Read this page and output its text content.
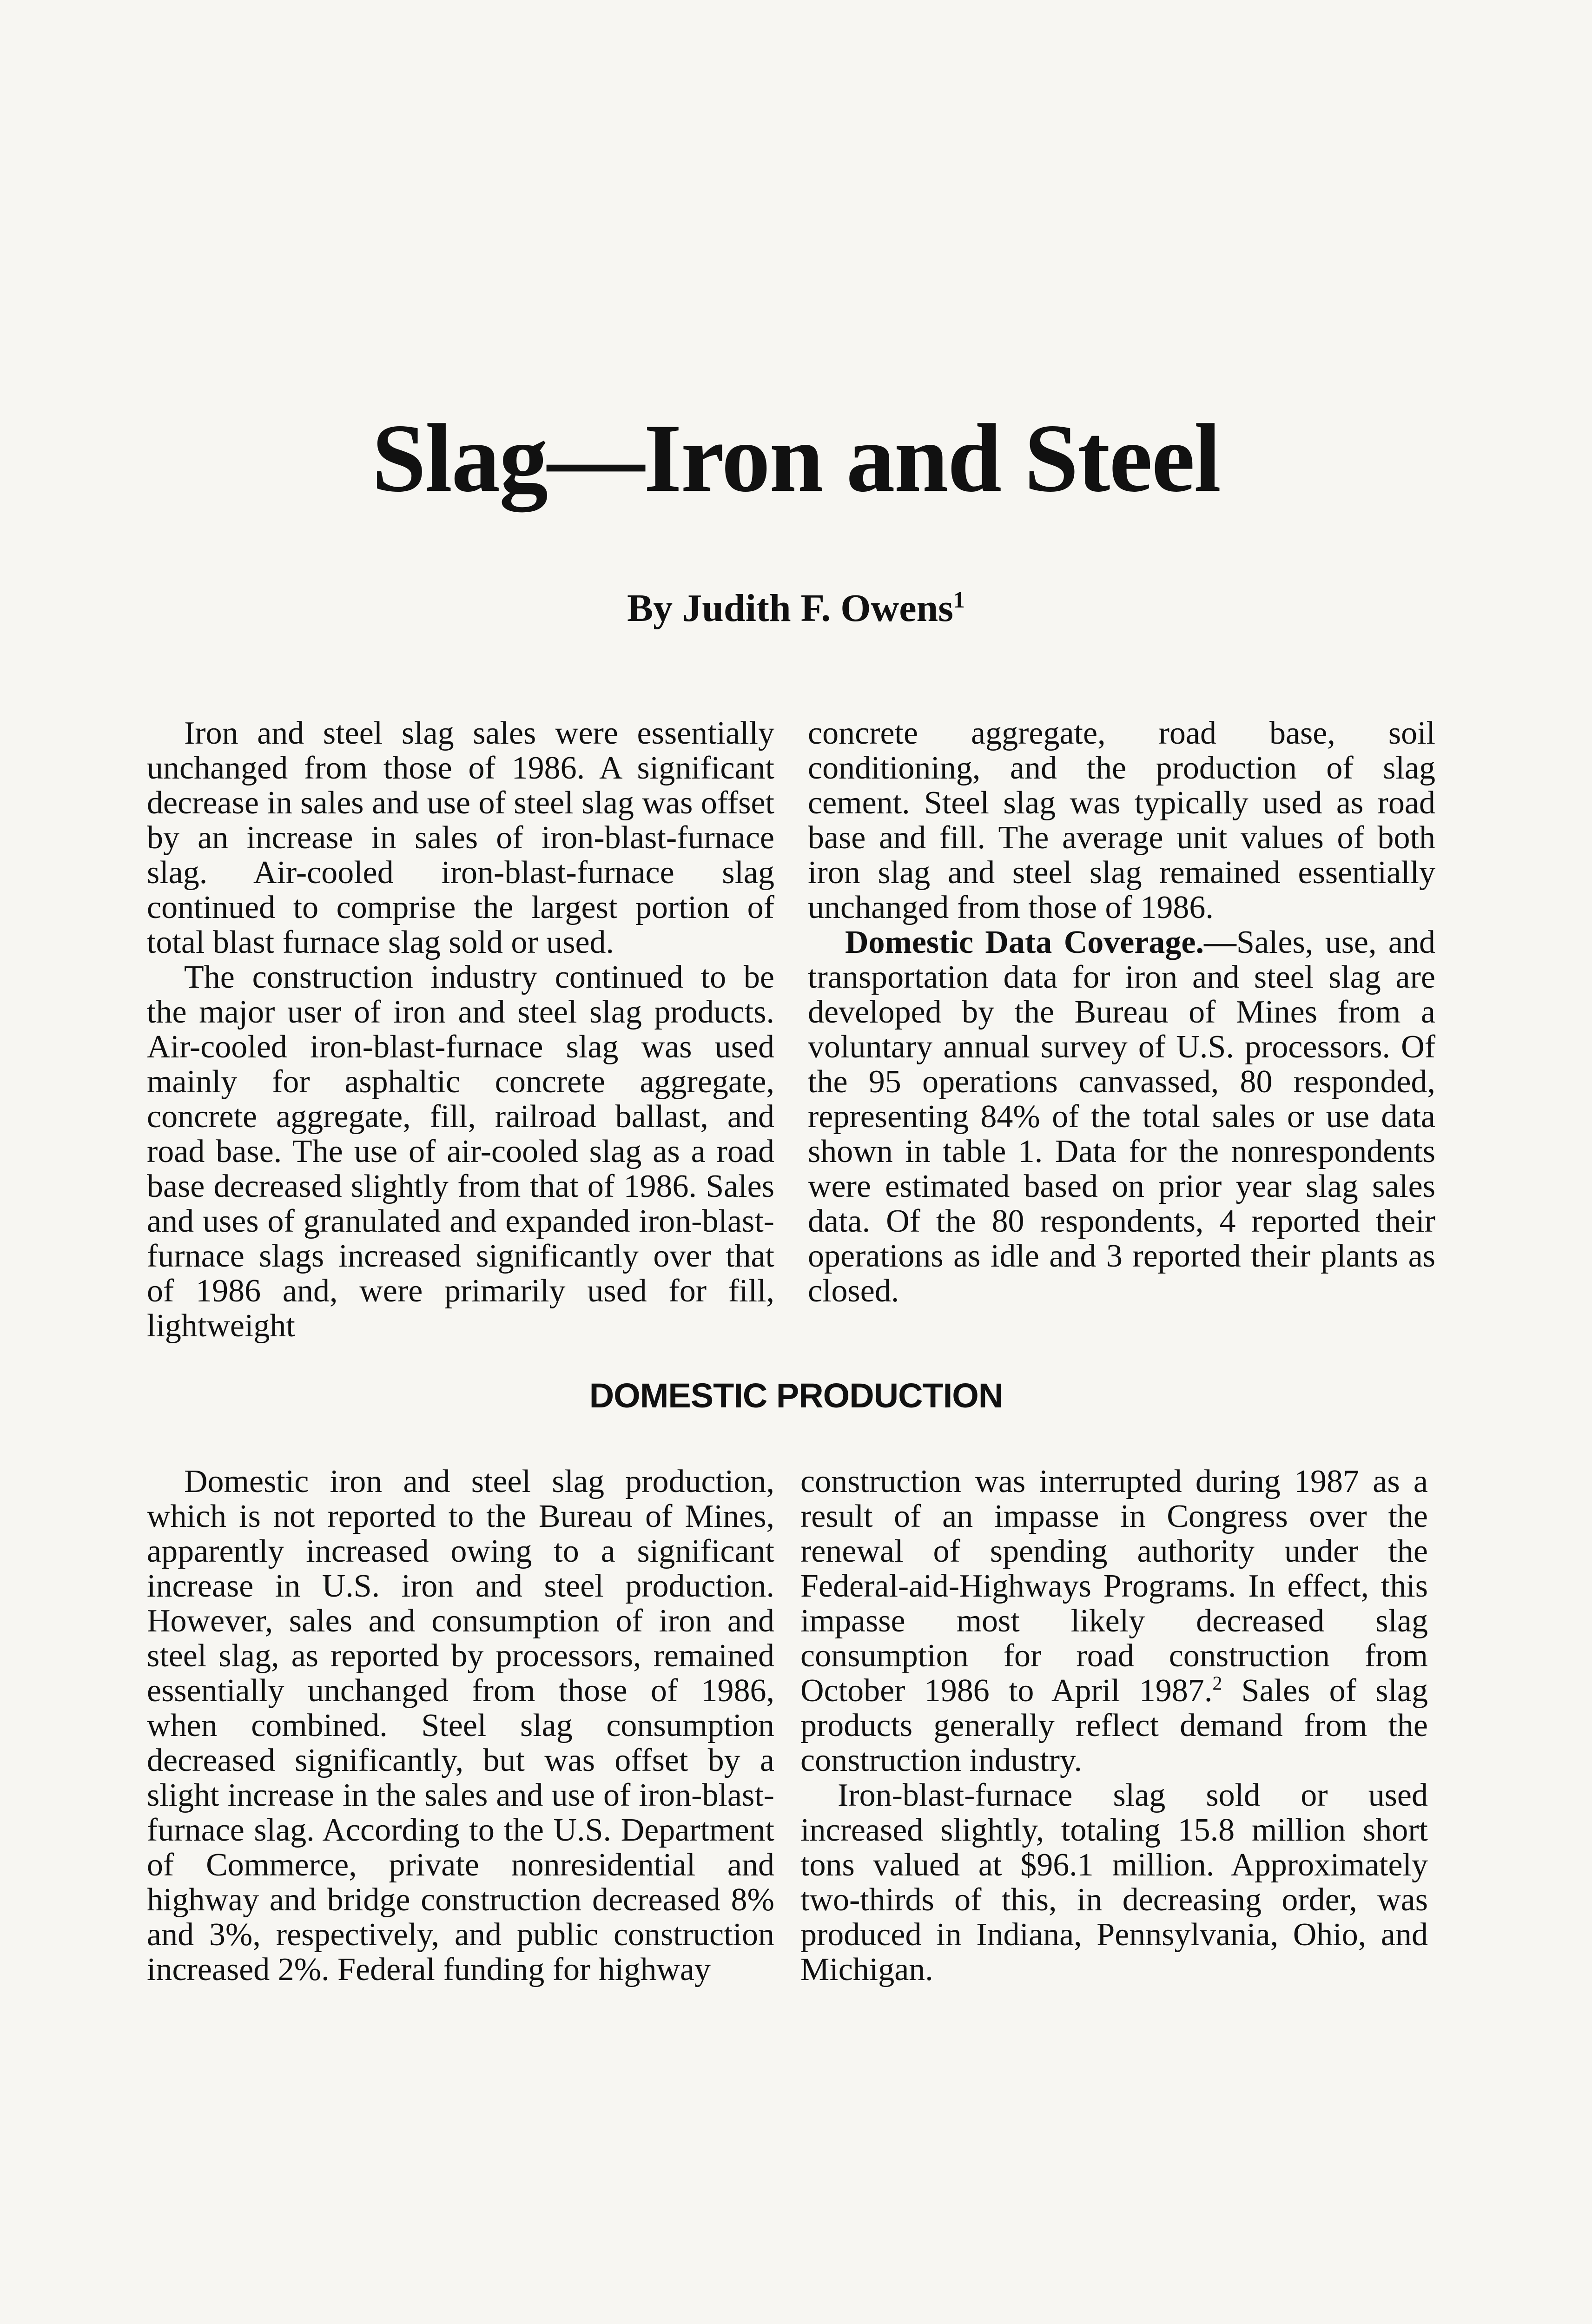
Slag—Iron and Steel

By Judith F. Owens$^1$

Iron and steel slag sales were essentially unchanged from those of 1986. A significant decrease in sales and use of steel slag was offset by an increase in sales of iron-blast-furnace slag. Air-cooled iron-blast-furnace slag continued to comprise the largest portion of total blast furnace slag sold or used.

The construction industry continued to be the major user of iron and steel slag products. Air-cooled iron-blast-furnace slag was used mainly for asphaltic concrete aggregate, concrete aggregate, fill, railroad ballast, and road base. The use of air-cooled slag as a road base decreased slightly from that of 1986. Sales and uses of granulated and expanded iron-blast-furnace slags increased significantly over that of 1986 and, were primarily used for fill, lightweight

concrete aggregate, road base, soil conditioning, and the production of slag cement. Steel slag was typically used as road base and fill. The average unit values of both iron slag and steel slag remained essentially unchanged from those of 1986.

Domestic Data Coverage.—Sales, use, and transportation data for iron and steel slag are developed by the Bureau of Mines from a voluntary annual survey of U.S. processors. Of the 95 operations canvassed, 80 responded, representing 84% of the total sales or use data shown in table 1. Data for the nonrespondents were estimated based on prior year slag sales data. Of the 80 respondents, 4 reported their operations as idle and 3 reported their plants as closed.

DOMESTIC PRODUCTION

Domestic iron and steel slag production, which is not reported to the Bureau of Mines, apparently increased owing to a significant increase in U.S. iron and steel production. However, sales and consumption of iron and steel slag, as reported by processors, remained essentially unchanged from those of 1986, when combined. Steel slag consumption decreased significantly, but was offset by a slight increase in the sales and use of iron-blast-furnace slag. According to the U.S. Department of Commerce, private nonresidential and highway and bridge construction decreased 8% and 3%, respectively, and public construction increased 2%. Federal funding for highway

construction was interrupted during 1987 as a result of an impasse in Congress over the renewal of spending authority under the Federal-aid-Highways Programs. In effect, this impasse most likely decreased slag consumption for road construction from October 1986 to April 1987.$^2$ Sales of slag products generally reflect demand from the construction industry.

Iron-blast-furnace slag sold or used increased slightly, totaling 15.8 million short tons valued at $96.1 million. Approximately two-thirds of this, in decreasing order, was produced in Indiana, Pennsylvania, Ohio, and Michigan.
